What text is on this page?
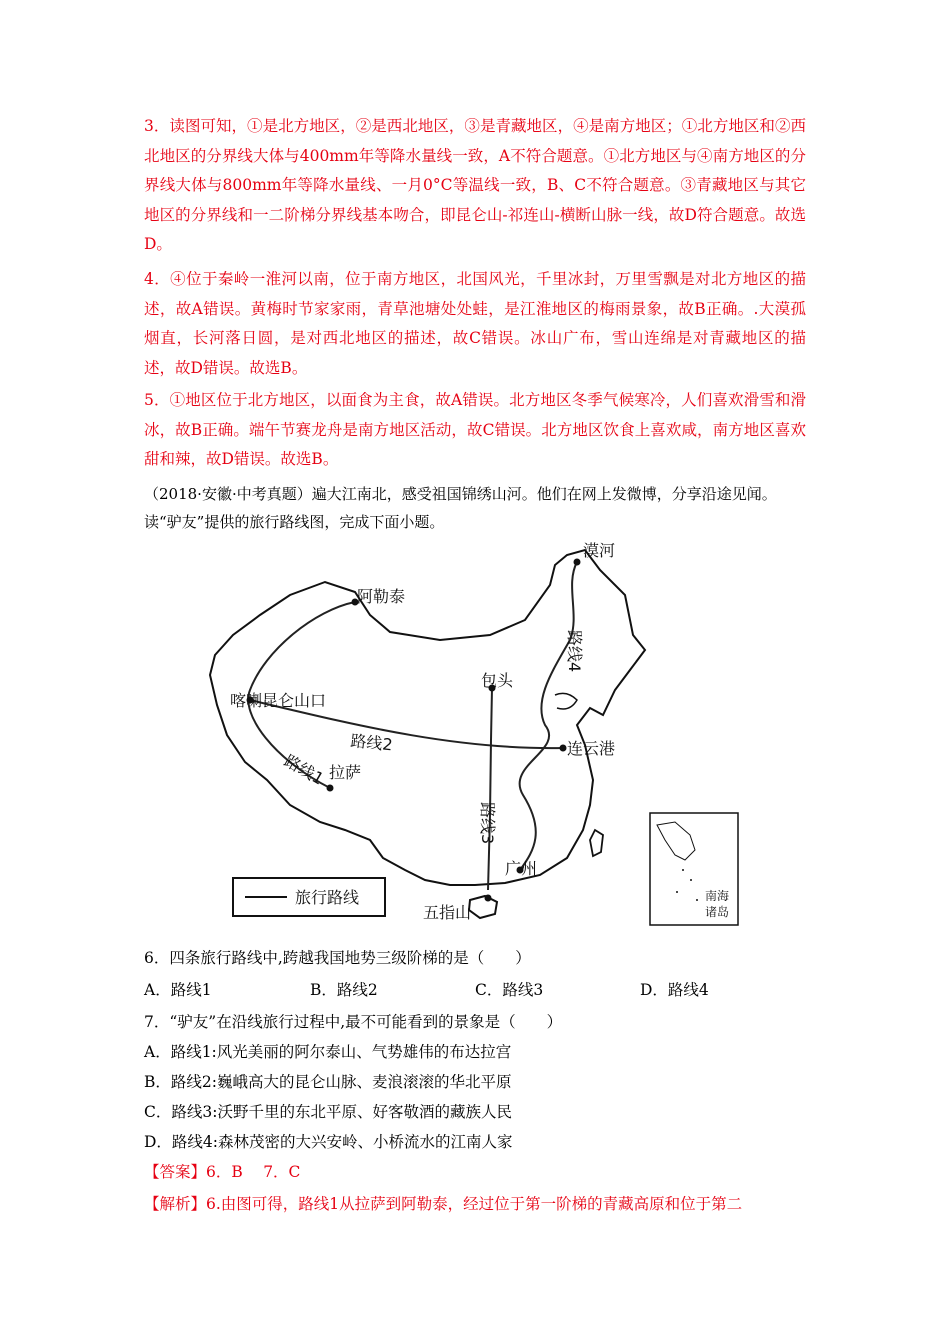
3．读图可知，①是北方地区，②是西北地区，③是青藏地区，④是南方地区；①北方地区和②西北地区的分界线大体与400mm年等降水量线一致，A不符合题意。①北方地区与④南方地区的分界线大体与800mm年等降水量线、一月0°C等温线一致，B、C不符合题意。③青藏地区与其它地区的分界线和一二阶梯分界线基本吻合，即昆仑山-祁连山-横断山脉一线，故D符合题意。故选D。
4．④位于秦岭一淮河以南，位于南方地区，北国风光，千里冰封，万里雪飘是对北方地区的描述，故A错误。黄梅时节家家雨，青草池塘处处蛙，是江淮地区的梅雨景象，故B正确。.大漠孤烟直，长河落日圆，是对西北地区的描述，故C错误。冰山广布，雪山连绵是对青藏地区的描述，故D错误。故选B。
5．①地区位于北方地区，以面食为主食，故A错误。北方地区冬季气候寒冷，人们喜欢滑雪和滑冰，故B正确。端午节赛龙舟是南方地区活动，故C错误。北方地区饮食上喜欢咸，南方地区喜欢甜和辣，故D错误。故选B。
（2018·安徽·中考真题）遍大江南北，感受祖国锦绣山河。他们在网上发微博，分享沿途见闻。读“驴友”提供的旅行路线图，完成下面小题。
漠河
阿勒泰
包头
喀喇昆仑山口
拉萨
连云港
广州
五指山
路线1
路线2
路线3
路线4
旅行路线	南海
诸岛
6．四条旅行路线中,跨越我国地势三级阶梯的是（　　）
A．路线1	B．路线2	C．路线3	D．路线4
7．“驴友”在沿线旅行过程中,最不可能看到的景象是（　　）
A．路线1:风光美丽的阿尔泰山、气势雄伟的布达拉宫
B．路线2:巍峨高大的昆仑山脉、麦浪滚滚的华北平原
C．路线3:沃野千里的东北平原、好客敬酒的藏族人民
D．路线4:森林茂密的大兴安岭、小桥流水的江南人家
【答案】6．B　 7．C
【解析】6.由图可得，路线1从拉萨到阿勒泰，经过位于第一阶梯的青藏高原和位于第二
